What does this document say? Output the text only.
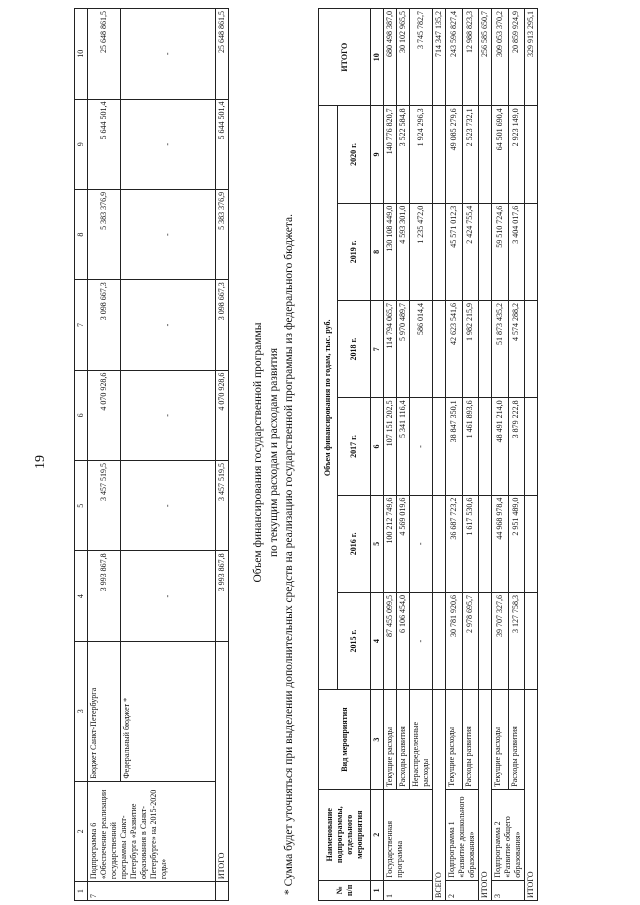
19
1	2	3	4	5	6	7	8	9	10
7	Подпрограмма 6 «Обеспечение реализации государственной программы Санкт-Петербурга «Развитие образования в Санкт-Петербурге» на 2015-2020 годы»	Бюджет Санкт-Петербурга	3 993 867,8	3 457 519,5	4 070 928,6	3 098 667,3	5 383 376,9	5 644 501,4	25 648 861,5
		Федеральный бюджет *	-	-	-	-	-	-	-
	ИТОГО		3 993 867,8	3 457 519,5	4 070 928,6	3 098 667,3	5 383 376,9	5 644 501,4	25 648 861,5
Объем финансирования государственной программы по текущим расходам и расходам развития * Сумма будет уточняться при выделении дополнительных средств на реализацию государственной программы из федерального бюджета.	№ п/п	Наименование подпрограммы, отдельного мероприятия	Вид мероприятия	Объем финансирования по годам, тыс. руб.						ИТОГО
			2015 г.	2016 г.	2017 г.	2018 г.	2019 г.	2020 г.	
1	2	3	4	5	6	7	8	9	10
1	Государственная программа	Текущие расходы	87 455 099,5	100 212 749,6	107 151 202,5	114 794 065,7	130 108 449,0	140 776 820,7	680 498 387,0
		Расходы развития	6 106 454,0	4 569 019,6	5 341 116,4	5 970 489,7	4 593 301,0	3 522 584,8	30 102 965,5
		Нераспределенные расходы	-	-	-	586 014,4	1 235 472,0	1 924 296,3	3 745 782,7
ВСЕГО									714 347 135,2
2	Подпрограмма 1 «Развитие дошкольного образования»	Текущие расходы	30 781 920,6	36 687 723,2	38 847 350,1	42 623 541,6	45 571 012,3	49 085 279,6	243 596 827,4
		Расходы развития	2 978 695,7	1 617 530,6	1 461 893,6	1 982 215,9	2 424 755,4	2 523 732,1	12 988 823,3
ИТОГО									256 585 650,7
3	Подпрограмма 2 «Развитие общего образования»	Текущие расходы	39 707 327,6	44 968 978,4	48 491 214,0	51 873 435,2	59 510 724,6	64 501 690,4	309 053 370,2
		Расходы развития	3 127 758,3	2 951 489,0	3 879 222,8	4 574 288,2	3 404 017,6	2 923 149,0	20 859 924,9
ИТОГО									329 913 295,1
